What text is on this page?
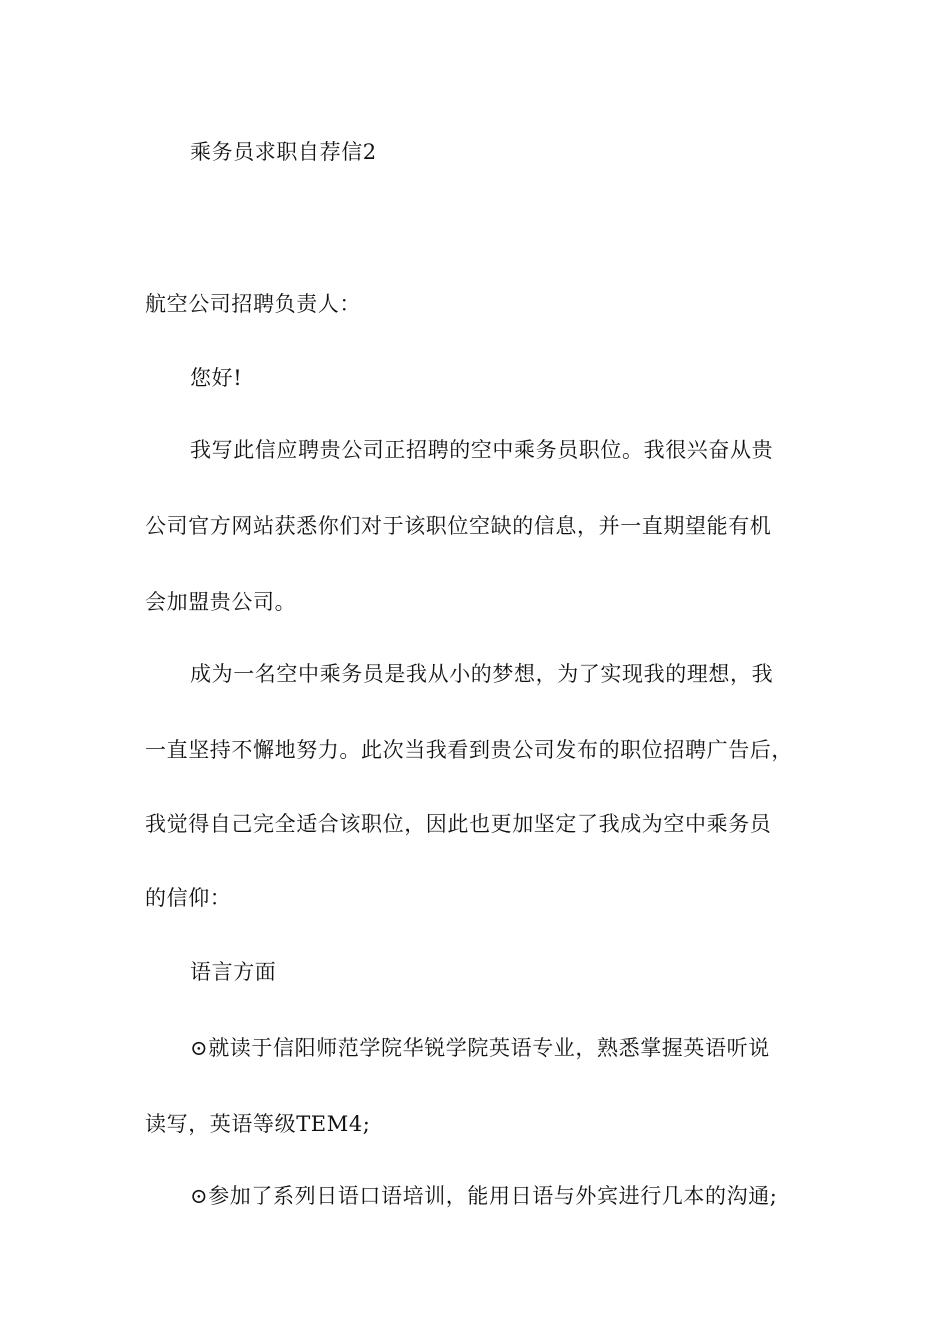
乘务员求职自荐信2
航空公司招聘负责人：
您好!
我写此信应聘贵公司正招聘的空中乘务员职位。我很兴奋从贵
公司官方网站获悉你们对于该职位空缺的信息，并一直期望能有机
会加盟贵公司。
成为一名空中乘务员是我从小的梦想，为了实现我的理想，我
一直坚持不懈地努力。此次当我看到贵公司发布的职位招聘广告后，
我觉得自己完全适合该职位，因此也更加坚定了我成为空中乘务员
的信仰：
语言方面
⊙就读于信阳师范学院华锐学院英语专业，熟悉掌握英语听说
读写，英语等级TEM4;
⊙参加了系列日语口语培训，能用日语与外宾进行几本的沟通;
